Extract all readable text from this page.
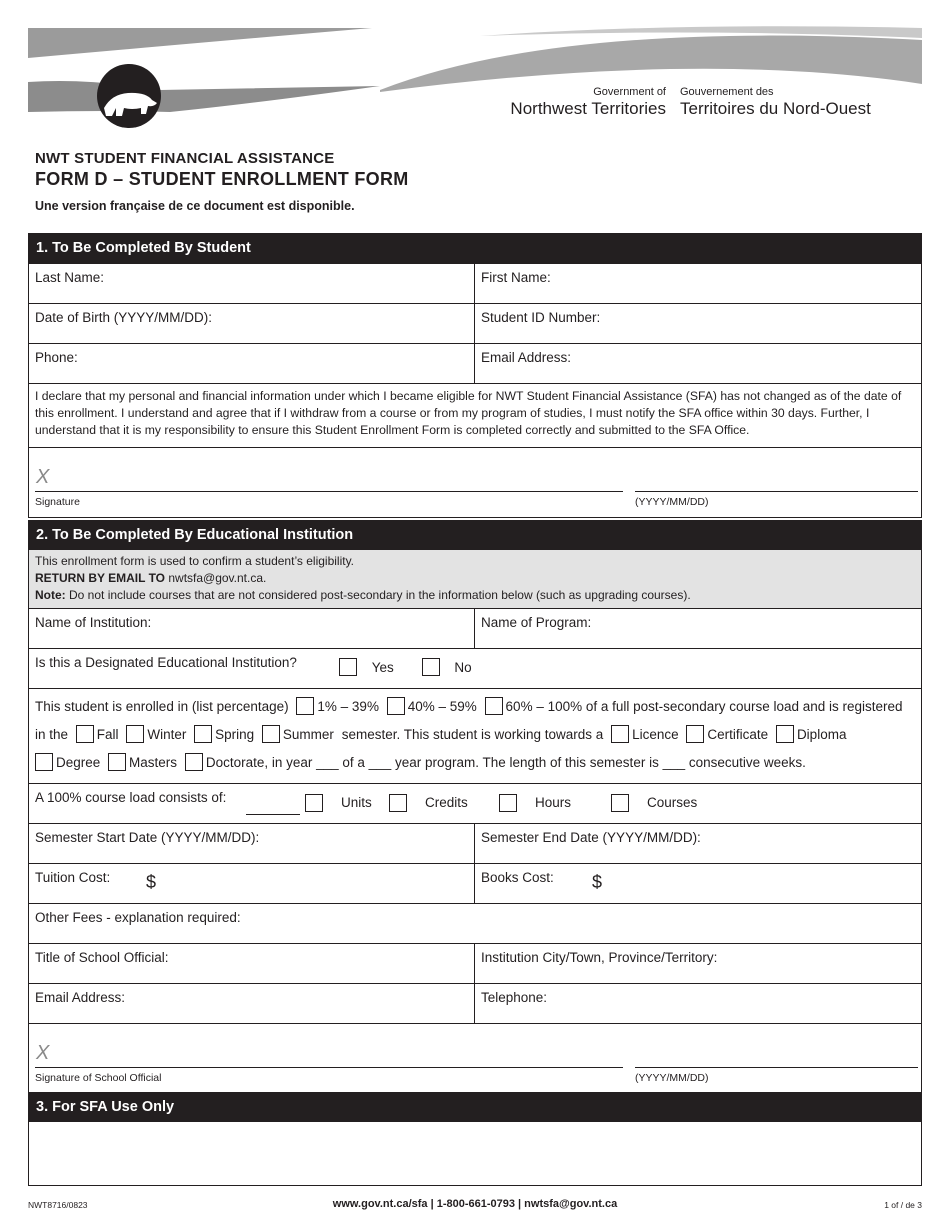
Government of
Northwest Territories
Gouvernement des
Territoires du Nord-Ouest
NWT STUDENT FINANCIAL ASSISTANCE
FORM D – STUDENT ENROLLMENT FORM
Une version française de ce document est disponible.
1. To Be Completed By Student
Last Name:	First Name:
Date of Birth (YYYY/MM/DD):	Student ID Number:
Phone:	Email Address:
I declare that my personal and financial information under which I became eligible for NWT Student Financial Assistance (SFA) has not changed as of the date of this enrollment. I understand and agree that if I withdraw from a course or from my program of studies, I must notify the SFA office within 30 days. Further, I understand that it is my responsibility to ensure this Student Enrollment Form is completed correctly and submitted to the SFA Office.
X
Signature	(YYYY/MM/DD)
2. To Be Completed By Educational Institution
This enrollment form is used to confirm a student’s eligibility.
RETURN BY EMAIL TO nwtsfa@gov.nt.ca.
Note: Do not include courses that are not considered post-secondary in the information below (such as upgrading courses).
Name of Institution:	Name of Program:
Is this a Designated Educational Institution?	Yes	No
This student is enrolled in (list percentage) 1% – 39% 40% – 59% 60% – 100% of a full post-secondary course load and is registered
in the Fall Winter Spring Summer semester. This student is working towards a Licence Certificate Diploma
Degree Masters Doctorate, in year ___ of a ___ year program. The length of this semester is ___ consecutive weeks.
A 100% course load consists of:	Units	Credits	Hours	Courses
Semester Start Date (YYYY/MM/DD):	Semester End Date (YYYY/MM/DD):
Tuition Cost: $	Books Cost: $
Other Fees - explanation required:
Title of School Official:	Institution City/Town, Province/Territory:
Email Address:	Telephone:
X
Signature of School Official	(YYYY/MM/DD)
3. For SFA Use Only
NWT8716/0823	www.gov.nt.ca/sfa | 1-800-661-0793 | nwtsfa@gov.nt.ca	1 of / de 3
